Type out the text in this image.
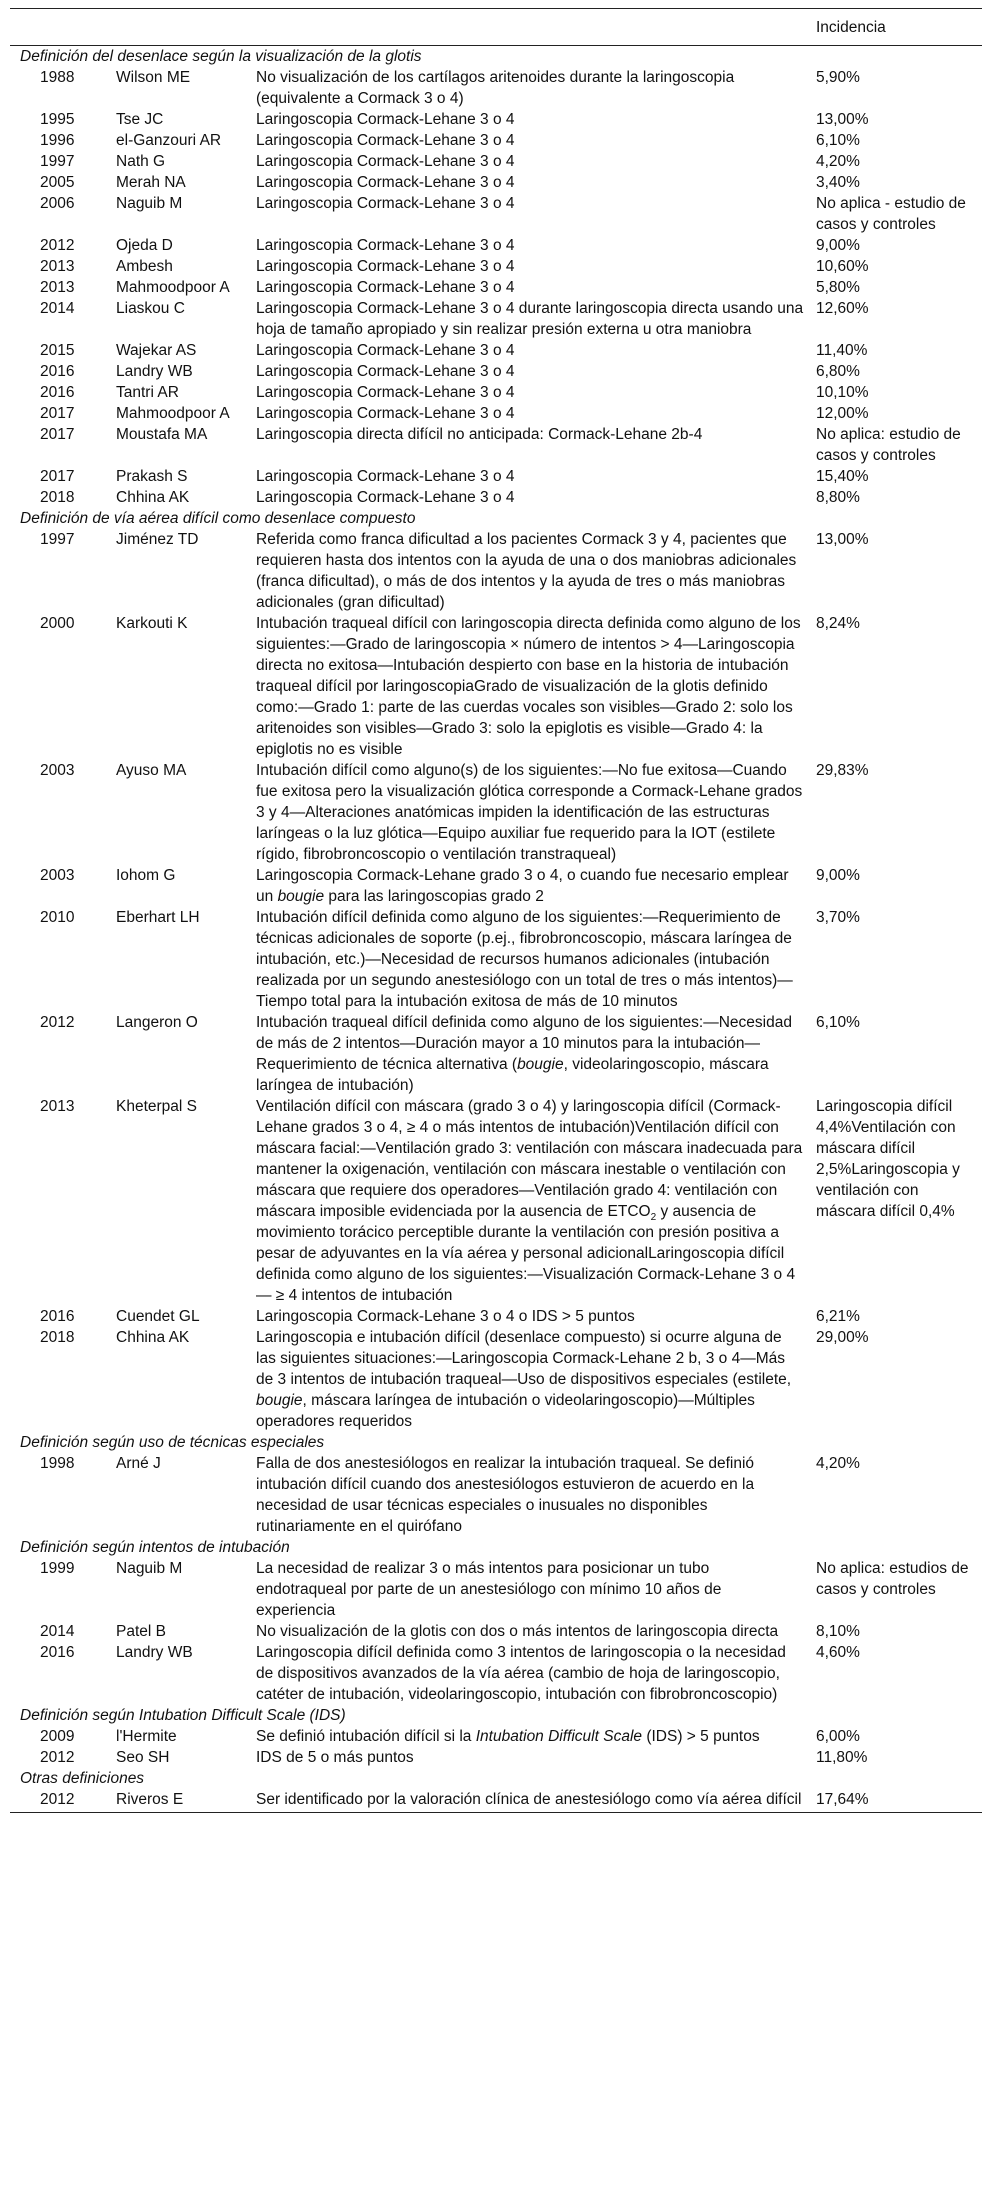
			Incidencia
Definición del desenlace según la visualización de la glotis			
1988	Wilson ME	No visualización de los cartílagos aritenoides durante la laringoscopia (equivalente a Cormack 3 o 4)	5,90%
1995	Tse JC	Laringoscopia Cormack-Lehane 3 o 4	13,00%
1996	el-Ganzouri AR	Laringoscopia Cormack-Lehane 3 o 4	6,10%
1997	Nath G	Laringoscopia Cormack-Lehane 3 o 4	4,20%
2005	Merah NA	Laringoscopia Cormack-Lehane 3 o 4	3,40%
2006	Naguib M	Laringoscopia Cormack-Lehane 3 o 4	No aplica - estudio de casos y controles
2012	Ojeda D	Laringoscopia Cormack-Lehane 3 o 4	9,00%
2013	Ambesh	Laringoscopia Cormack-Lehane 3 o 4	10,60%
2013	Mahmoodpoor A	Laringoscopia Cormack-Lehane 3 o 4	5,80%
2014	Liaskou C	Laringoscopia Cormack-Lehane 3 o 4 durante laringoscopia directa usando una hoja de tamaño apropiado y sin realizar presión externa u otra maniobra	12,60%
2015	Wajekar AS	Laringoscopia Cormack-Lehane 3 o 4	11,40%
2016	Landry WB	Laringoscopia Cormack-Lehane 3 o 4	6,80%
2016	Tantri AR	Laringoscopia Cormack-Lehane 3 o 4	10,10%
2017	Mahmoodpoor A	Laringoscopia Cormack-Lehane 3 o 4	12,00%
2017	Moustafa MA	Laringoscopia directa difícil no anticipada: Cormack-Lehane 2b-4	No aplica: estudio de casos y controles
2017	Prakash S	Laringoscopia Cormack-Lehane 3 o 4	15,40%
2018	Chhina AK	Laringoscopia Cormack-Lehane 3 o 4	8,80%
Definición de vía aérea difícil como desenlace compuesto			
1997	Jiménez TD	Referida como franca dificultad a los pacientes Cormack 3 y 4, pacientes que requieren hasta dos intentos con la ayuda de una o dos maniobras adicionales (franca dificultad), o más de dos intentos y la ayuda de tres o más maniobras adicionales (gran dificultad)	13,00%
2000	Karkouti K	Intubación traqueal difícil con laringoscopia directa definida como alguno de los siguientes:—Grado de laringoscopia × número de intentos > 4—Laringoscopia directa no exitosa—Intubación despierto con base en la historia de intubación traqueal difícil por laringoscopiaGrado de visualización de la glotis definido como:—Grado 1: parte de las cuerdas vocales son visibles—Grado 2: solo los aritenoides son visibles—Grado 3: solo la epiglotis es visible—Grado 4: la epiglotis no es visible	8,24%
2003	Ayuso MA	Intubación difícil como alguno(s) de los siguientes:—No fue exitosa—Cuando fue exitosa pero la visualización glótica corresponde a Cormack-Lehane grados 3 y 4—Alteraciones anatómicas impiden la identificación de las estructuras laríngeas o la luz glótica—Equipo auxiliar fue requerido para la IOT (estilete rígido, fibrobroncoscopio o ventilación transtraqueal)	29,83%
2003	Iohom G	Laringoscopia Cormack-Lehane grado 3 o 4, o cuando fue necesario emplear un bougie para las laringoscopias grado 2	9,00%
2010	Eberhart LH	Intubación difícil definida como alguno de los siguientes:—Requerimiento de técnicas adicionales de soporte (p.ej., fibrobroncoscopio, máscara laríngea de intubación, etc.)—Necesidad de recursos humanos adicionales (intubación realizada por un segundo anestesiólogo con un total de tres o más intentos)—Tiempo total para la intubación exitosa de más de 10 minutos	3,70%
2012	Langeron O	Intubación traqueal difícil definida como alguno de los siguientes:—Necesidad de más de 2 intentos—Duración mayor a 10 minutos para la intubación—Requerimiento de técnica alternativa (bougie, videolaringoscopio, máscara laríngea de intubación)	6,10%
2013	Kheterpal S	Ventilación difícil con máscara (grado 3 o 4) y laringoscopia difícil (Cormack-Lehane grados 3 o 4, ≥ 4 o más intentos de intubación)Ventilación difícil con máscara facial:—Ventilación grado 3: ventilación con máscara inadecuada para mantener la oxigenación, ventilación con máscara inestable o ventilación con máscara que requiere dos operadores—Ventilación grado 4: ventilación con máscara imposible evidenciada por la ausencia de $ETCO_2$ y ausencia de movimiento torácico perceptible durante la ventilación con presión positiva a pesar de adyuvantes en la vía aérea y personal adicionalLaringoscopia difícil definida como alguno de los siguientes:—Visualización Cormack-Lehane 3 o 4— ≥ 4 intentos de intubación	Laringoscopia difícil 4,4%Ventilación con máscara difícil 2,5%Laringoscopia y ventilación con máscara difícil 0,4%
2016	Cuendet GL	Laringoscopia Cormack-Lehane 3 o 4 o IDS > 5 puntos	6,21%
2018	Chhina AK	Laringoscopia e intubación difícil (desenlace compuesto) si ocurre alguna de las siguientes situaciones:—Laringoscopia Cormack-Lehane 2 b, 3 o 4—Más de 3 intentos de intubación traqueal—Uso de dispositivos especiales (estilete, bougie, máscara laríngea de intubación o videolaringoscopio)—Múltiples operadores requeridos	29,00%
Definición según uso de técnicas especiales			
1998	Arné J	Falla de dos anestesiólogos en realizar la intubación traqueal. Se definió intubación difícil cuando dos anestesiólogos estuvieron de acuerdo en la necesidad de usar técnicas especiales o inusuales no disponibles rutinariamente en el quirófano	4,20%
Definición según intentos de intubación			
1999	Naguib M	La necesidad de realizar 3 o más intentos para posicionar un tubo endotraqueal por parte de un anestesiólogo con mínimo 10 años de experiencia	No aplica: estudios de casos y controles
2014	Patel B	No visualización de la glotis con dos o más intentos de laringoscopia directa	8,10%
2016	Landry WB	Laringoscopia difícil definida como 3 intentos de laringoscopia o la necesidad de dispositivos avanzados de la vía aérea (cambio de hoja de laringoscopio, catéter de intubación, videolaringoscopio, intubación con fibrobroncoscopio)	4,60%
Definición según Intubation Difficult Scale (IDS)			
2009	l'Hermite	Se definió intubación difícil si la Intubation Difficult Scale (IDS) > 5 puntos	6,00%
2012	Seo SH	IDS de 5 o más puntos	11,80%
Otras definiciones			
2012	Riveros E	Ser identificado por la valoración clínica de anestesiólogo como vía aérea difícil	17,64%
